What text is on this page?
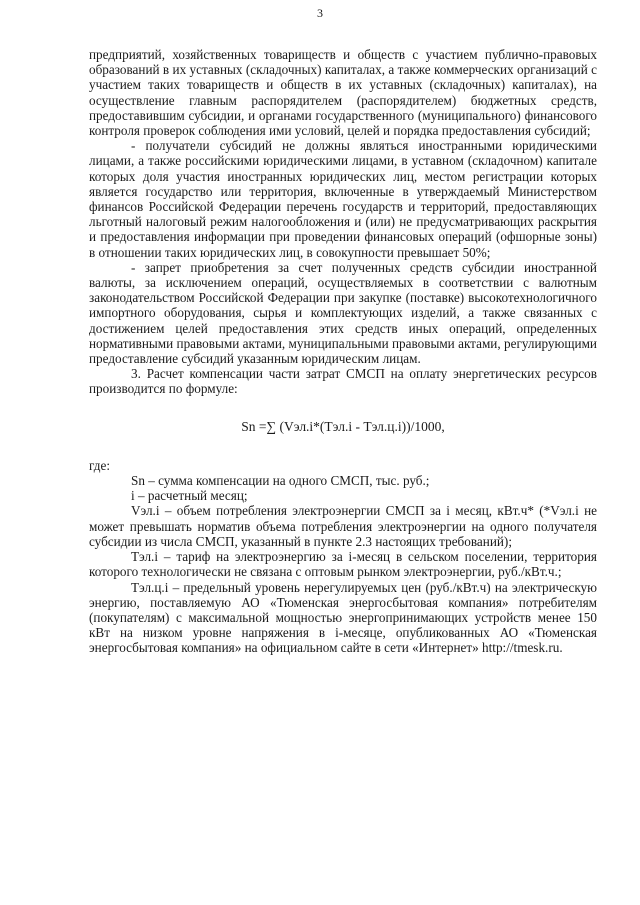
3

предприятий, хозяйственных товариществ и обществ с участием публично-правовых образований в их уставных (складочных) капиталах, а также коммерческих организаций с участием таких товариществ и обществ в их уставных (складочных) капиталах), на осуществление главным распорядителем (распорядителем) бюджетных средств, предоставившим субсидии, и органами государственного (муниципального) финансового контроля проверок соблюдения ими условий, целей и порядка предоставления субсидий;

- получатели субсидий не должны являться иностранными юридическими лицами, а также российскими юридическими лицами, в уставном (складочном) капитале которых доля участия иностранных юридических лиц, местом регистрации которых является государство или территория, включенные в утверждаемый Министерством финансов Российской Федерации перечень государств и территорий, предоставляющих льготный налоговый режим налогообложения и (или) не предусматривающих раскрытия и предоставления информации при проведении финансовых операций (офшорные зоны) в отношении таких юридических лиц, в совокупности превышает 50%;

- запрет приобретения за счет полученных средств субсидии иностранной валюты, за исключением операций, осуществляемых в соответствии с валютным законодательством Российской Федерации при закупке (поставке) высокотехнологичного импортного оборудования, сырья и комплектующих изделий, а также связанных с достижением целей предоставления этих средств иных операций, определенных нормативными правовыми актами, муниципальными правовыми актами, регулирующими предоставление субсидий указанным юридическим лицам.

3. Расчет компенсации части затрат СМСП на оплату энергетических ресурсов производится по формуле:

Sn =∑ (Vэл.i*(Тэл.i - Тэл.ц.i))/1000,

где:

Sn – сумма компенсации на одного СМСП, тыс. руб.;

i – расчетный месяц;

Vэл.i – объем потребления электроэнергии СМСП за i месяц, кВт.ч* (*Vэл.i не может превышать норматив объема потребления электроэнергии на одного получателя субсидии из числа СМСП, указанный в пункте 2.3 настоящих требований);

Тэл.i – тариф на электроэнергию за i-месяц в сельском поселении, территория которого технологически не связана с оптовым рынком электроэнергии, руб./кВт.ч.;

Тэл.ц.i – предельный уровень нерегулируемых цен (руб./кВт.ч) на электрическую энергию, поставляемую АО «Тюменская энергосбытовая компания» потребителям (покупателям) с максимальной мощностью энергопринимающих устройств менее 150 кВт на низком уровне напряжения в i-месяце, опубликованных АО «Тюменская энергосбытовая компания» на официальном сайте в сети «Интернет» http://tmesk.ru.
